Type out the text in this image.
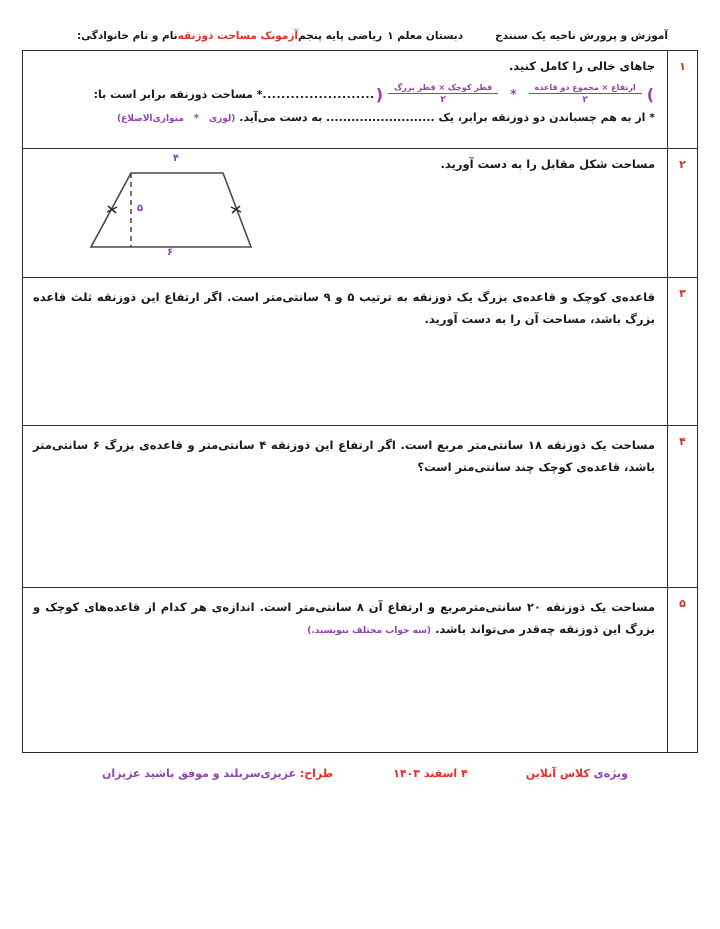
آموزش و پرورش ناحیه یک سنندج
دبستان معلم ۱
ریاضی پایه پنجم
آزمونک مساحت ذوزنقه
نام و نام خانوادگی:
۱
جاهای خالی را کامل کنید.
)
$\frac{\text{ارتفاع × مجموع دو قاعده}}{۲}$
*
$\frac{\text{قطر کوچک × قطر بزرگ}}{۲}$
(
........................
* مساحت ذوزنقه برابر است با:
* از به هم چسباندن دو ذوزنقه برابر، یک .......................... به دست می‌آید. (لوزی * متوازی‌الاضلاع)
۲
مساحت شکل مقابل را به دست آورید.
۴
۵
۶
۳
قاعده‌ی کوچک و قاعده‌ی بزرگ یک ذوزنقه به ترتیب ۵ و ۹ سانتی‌متر است. اگر ارتفاع این ذوزنقه ثلث قاعده بزرگ باشد، مساحت آن را به دست آورید.
۴
مساحت یک ذوزنقه ۱۸ سانتی‌متر مربع است. اگر ارتفاع این ذوزنقه ۴ سانتی‌متر و قاعده‌ی بزرگ ۶ سانتی‌متر باشد، قاعده‌ی کوچک چند سانتی‌متر است؟
۵
مساحت یک ذوزنقه ۲۰ سانتی‌مترمربع و ارتفاع آن ۸ سانتی‌متر است. اندازه‌ی هر کدام از قاعده‌های کوچک و بزرگ این ذوزنقه چه‌قدر می‌تواند باشد. (سه جواب مختلف بنویسید.)
ویژه‌ی کلاس آنلاین
۴ اسفند ۱۴۰۳
طراح: عزیزی
سربلند و موفق باشید عزیزان
